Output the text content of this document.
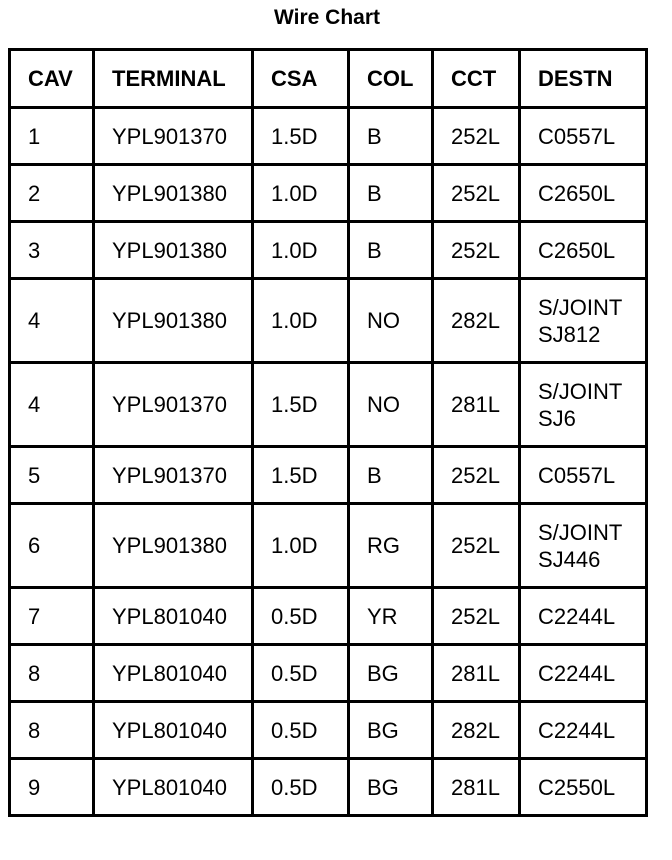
Wire Chart
CAV	TERMINAL	CSA	COL	CCT	DESTN
1	YPL901370	1.5D	B	252L	C0557L
2	YPL901380	1.0D	B	252L	C2650L
3	YPL901380	1.0D	B	252L	C2650L
4	YPL901380	1.0D	NO	282L	S/JOINT
SJ812
4	YPL901370	1.5D	NO	281L	S/JOINT
SJ6
5	YPL901370	1.5D	B	252L	C0557L
6	YPL901380	1.0D	RG	252L	S/JOINT
SJ446
7	YPL801040	0.5D	YR	252L	C2244L
8	YPL801040	0.5D	BG	281L	C2244L
8	YPL801040	0.5D	BG	282L	C2244L
9	YPL801040	0.5D	BG	281L	C2550L
